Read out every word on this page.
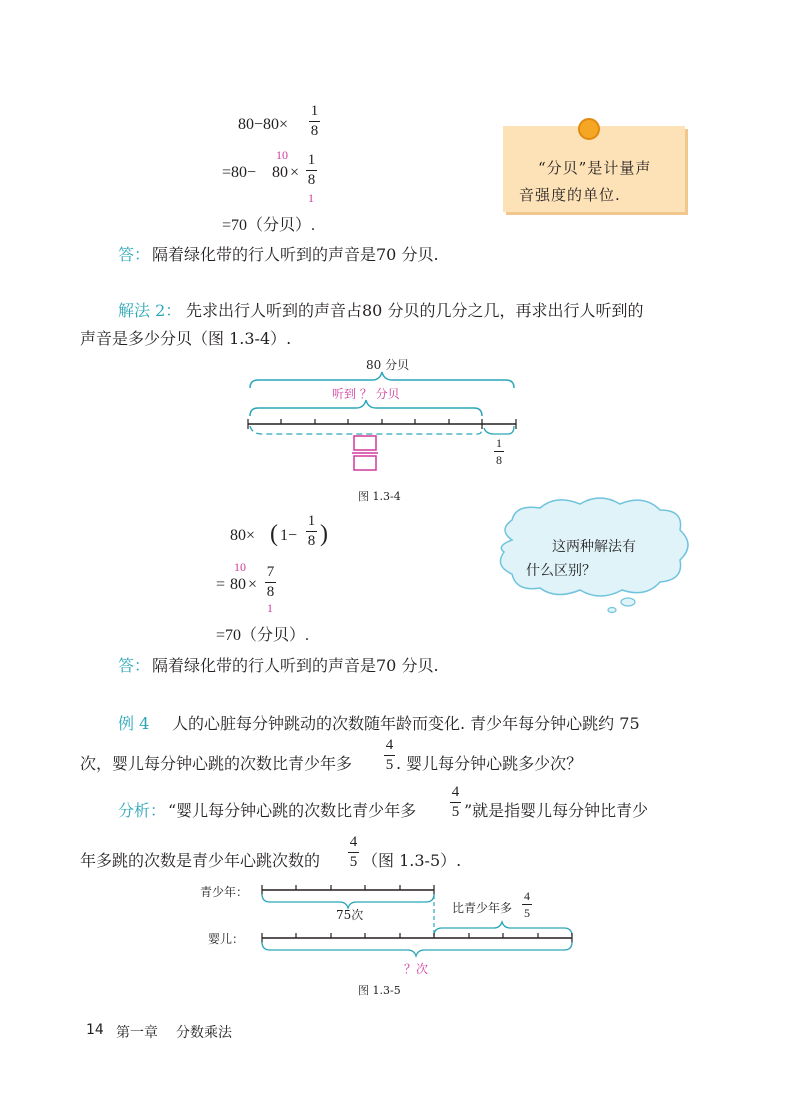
80−80×
1
8
=80− 80 ×
10 1
8
1
=70（分贝）.
“分贝”是计量声
音强度的单位.
答： 隔着绿化带的行人听到的声音是70 分贝.
解法 2： 先求出行人听到的声音占80 分贝的几分之几，再求出行人听到的
声音是多少分贝（图 1.3-4）.
80 分贝
听到 ？ 分贝
1
8
图 1.3-4
80× ( 1−
1
8 )
= 80 ×
10 7
8
1
=70（分贝）.
这两种解法有
什么区别？
答： 隔着绿化带的行人听到的声音是70 分贝.
例 4 人的心脏每分钟跳动的次数随年龄而变化. 青少年每分钟心跳约 75
次，婴儿每分钟心跳的次数比青少年多
4
5 . 婴儿每分钟心跳多少次？
分析： “婴儿每分钟心跳的次数比青少年多
4
5 ”就是指婴儿每分钟比青少
年多跳的次数是青少年心跳次数的
4
5 （图 1.3-5）.
青少年：
75次	比青少年多
4
5
婴儿：
？次
图 1.3-5
14 第一章 分数乘法
